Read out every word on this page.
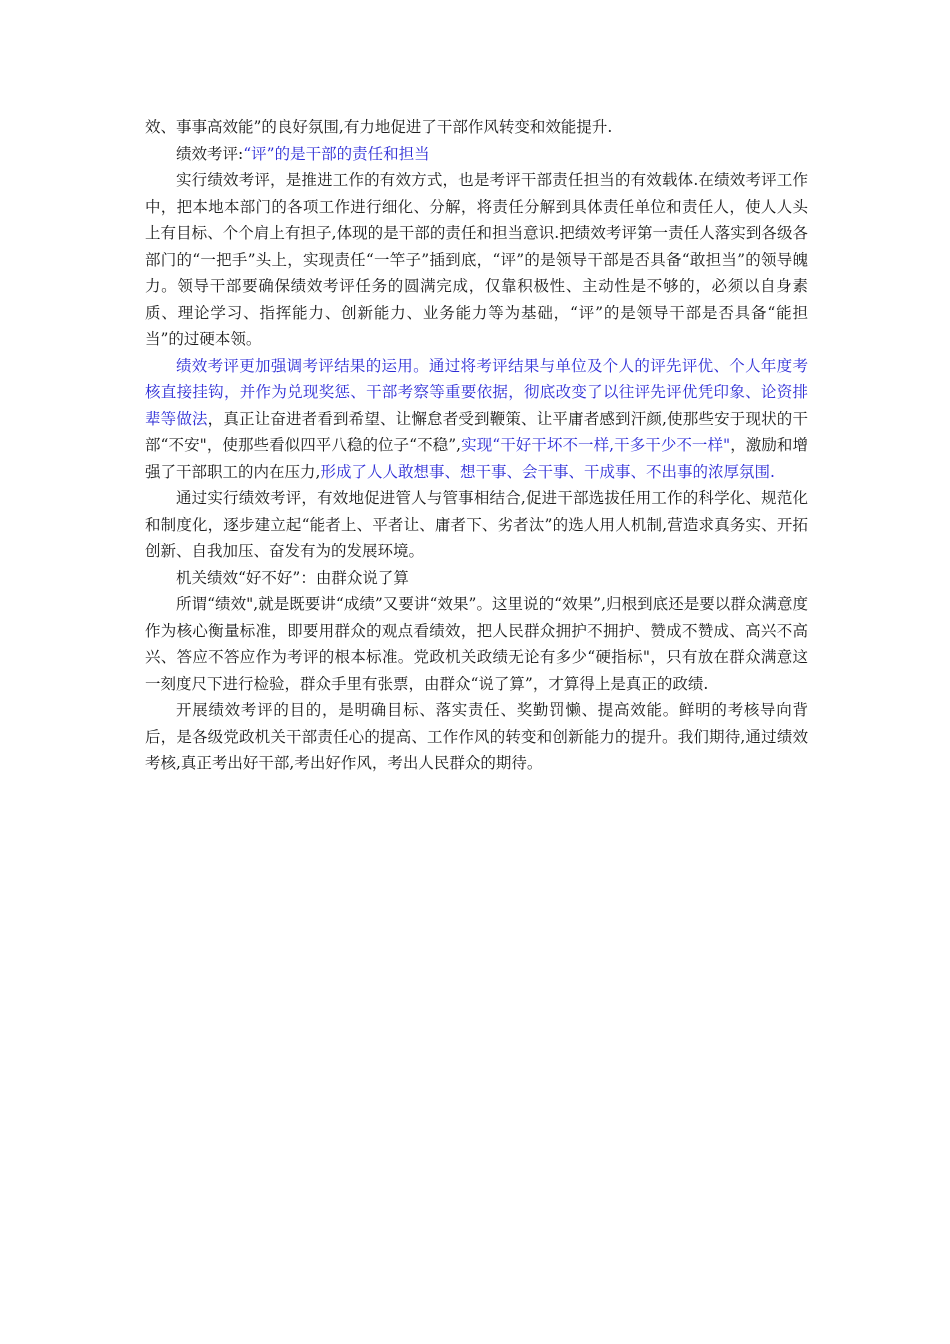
效、事事高效能”的良好氛围,有力地促进了干部作风转变和效能提升.

绩效考评:“评”的是干部的责任和担当

实行绩效考评，是推进工作的有效方式，也是考评干部责任担当的有效载体.在绩效考评工作中，把本地本部门的各项工作进行细化、分解，将责任分解到具体责任单位和责任人，使人人头上有目标、个个肩上有担子,体现的是干部的责任和担当意识.把绩效考评第一责任人落实到各级各部门的“一把手”头上，实现责任“一竿子”插到底，“评”的是领导干部是否具备“敢担当”的领导魄力。领导干部要确保绩效考评任务的圆满完成，仅靠积极性、主动性是不够的，必须以自身素质、理论学习、指挥能力、创新能力、业务能力等为基础，“评”的是领导干部是否具备“能担当”的过硬本领。

绩效考评更加强调考评结果的运用。通过将考评结果与单位及个人的评先评优、个人年度考核直接挂钩，并作为兑现奖惩、干部考察等重要依据，彻底改变了以往评先评优凭印象、论资排辈等做法，真正让奋进者看到希望、让懈怠者受到鞭策、让平庸者感到汗颜,使那些安于现状的干部“不安"，使那些看似四平八稳的位子“不稳”,实现“干好干坏不一样,干多干少不一样"，激励和增强了干部职工的内在压力,形成了人人敢想事、想干事、会干事、干成事、不出事的浓厚氛围.

通过实行绩效考评，有效地促进管人与管事相结合,促进干部选拔任用工作的科学化、规范化和制度化，逐步建立起“能者上、平者让、庸者下、劣者汰”的选人用人机制,营造求真务实、开拓创新、自我加压、奋发有为的发展环境。

机关绩效“好不好”：由群众说了算

所谓“绩效",就是既要讲“成绩”又要讲“效果”。这里说的“效果”,归根到底还是要以群众满意度作为核心衡量标准，即要用群众的观点看绩效，把人民群众拥护不拥护、赞成不赞成、高兴不高兴、答应不答应作为考评的根本标准。党政机关政绩无论有多少“硬指标"，只有放在群众满意这一刻度尺下进行检验，群众手里有张票，由群众“说了算”，才算得上是真正的政绩.

开展绩效考评的目的，是明确目标、落实责任、奖勤罚懒、提高效能。鲜明的考核导向背后，是各级党政机关干部责任心的提高、工作作风的转变和创新能力的提升。我们期待,通过绩效考核,真正考出好干部,考出好作风，考出人民群众的期待。
